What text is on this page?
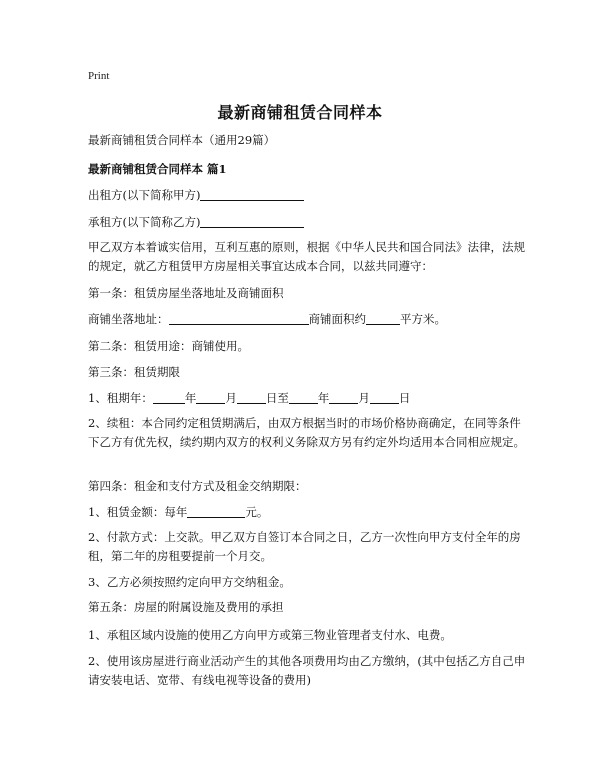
Print
最新商铺租赁合同样本

最新商铺租赁合同样本（通用29篇）

最新商铺租赁合同样本 篇1

出租方(以下简称甲方)

承租方(以下简称乙方)

甲乙双方本着诚实信用，互利互惠的原则，根据《中华人民共和国合同法》法律，法规的规定，就乙方租赁甲方房屋相关事宜达成本合同，以兹共同遵守：

第一条：租赁房屋坐落地址及商铺面积

商铺坐落地址：	商铺面积约	平方米。

第二条：租赁用途：商铺使用。

第三条：租赁期限

1、租期年：	年	月	日至	年	月	日

2、续租：本合同约定租赁期满后，由双方根据当时的市场价格协商确定，在同等条件下乙方有优先权，续约期内双方的权利义务除双方另有约定外均适用本合同相应规定。

第四条：租金和支付方式及租金交纳期限：

1、租赁金额：每年	元。

2、付款方式：上交款。甲乙双方自签订本合同之日，乙方一次性向甲方支付全年的房租，第二年的房租要提前一个月交。

3、乙方必须按照约定向甲方交纳租金。

第五条：房屋的附属设施及费用的承担

1、承租区域内设施的使用乙方向甲方或第三物业管理者支付水、电费。

2、使用该房屋进行商业活动产生的其他各项费用均由乙方缴纳，(其中包括乙方自己申请安装电话、宽带、有线电视等设备的费用)
